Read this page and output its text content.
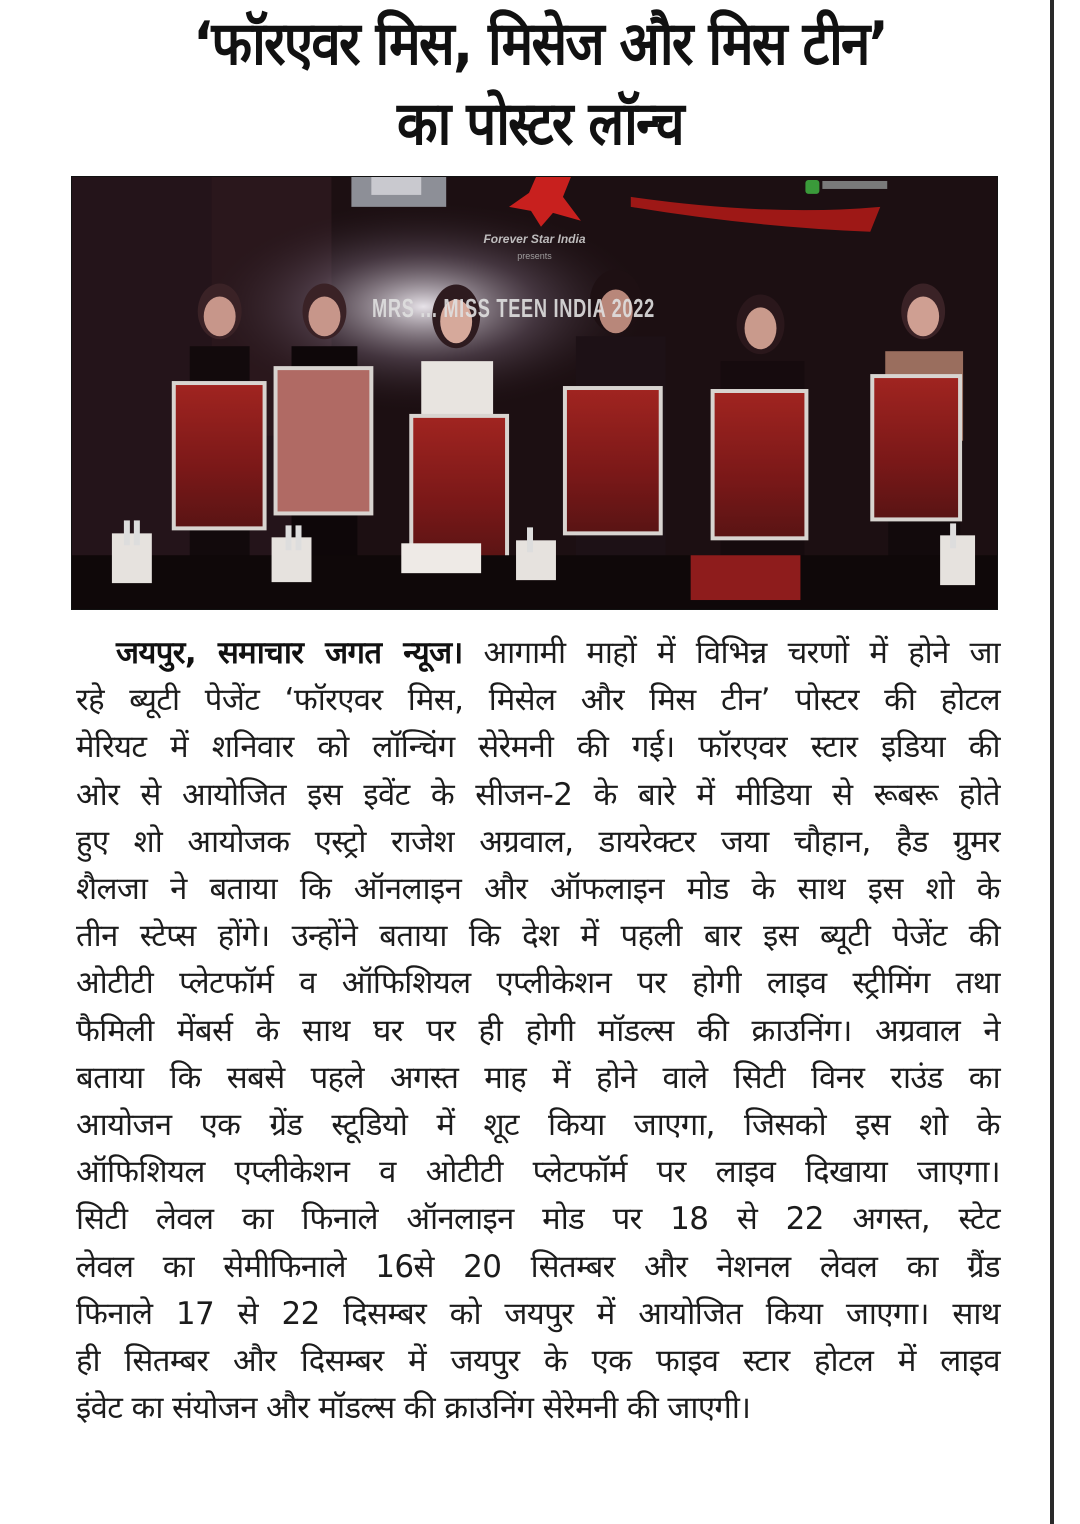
‘फॉरएवर मिस, मिसेज और मिस टीन’
का पोस्टर लॉन्च
Forever Star India
presents
MRS ... MISS TEEN INDIA 2022
जयपुर, समाचार जगत न्यूज। आगामी माहों में विभिन्न चरणों में होने जा
रहे ब्यूटी पेजेंट ‘फॉरएवर मिस, मिसेल और मिस टीन’ पोस्टर की होटल
मेरियट में शनिवार को लॉन्चिंग सेरेमनी की गई। फॉरएवर स्टार इडिया की
ओर से आयोजित इस इवेंट के सीजन-2 के बारे में मीडिया से रूबरू होते
हुए शो आयोजक एस्ट्रो राजेश अग्रवाल, डायरेक्टर जया चौहान, हैड ग्रुमर
शैलजा ने बताया कि ऑनलाइन और ऑफलाइन मोड के साथ इस शो के
तीन स्टेप्स होंगे। उन्होंने बताया कि देश में पहली बार इस ब्यूटी पेजेंट की
ओटीटी प्लेटफॉर्म व ऑफिशियल एप्लीकेशन पर होगी लाइव स्ट्रीमिंग तथा
फैमिली मेंबर्स के साथ घर पर ही होगी मॉडल्स की क्राउनिंग। अग्रवाल ने
बताया कि सबसे पहले अगस्त माह में होने वाले सिटी विनर राउंड का
आयोजन एक ग्रेंड स्टूडियो में शूट किया जाएगा, जिसको इस शो के
ऑफिशियल एप्लीकेशन व ओटीटी प्लेटफॉर्म पर लाइव दिखाया जाएगा।
सिटी लेवल का फिनाले ऑनलाइन मोड पर 18 से 22 अगस्त, स्टेट
लेवल का सेमीफिनाले 16से 20 सितम्बर और नेशनल लेवल का ग्रैंड
फिनाले 17 से 22 दिसम्बर को जयपुर में आयोजित किया जाएगा। साथ
ही सितम्बर और दिसम्बर में जयपुर के एक फाइव स्टार होटल में लाइव
इंवेट का संयोजन और मॉडल्स की क्राउनिंग सेरेमनी की जाएगी।
